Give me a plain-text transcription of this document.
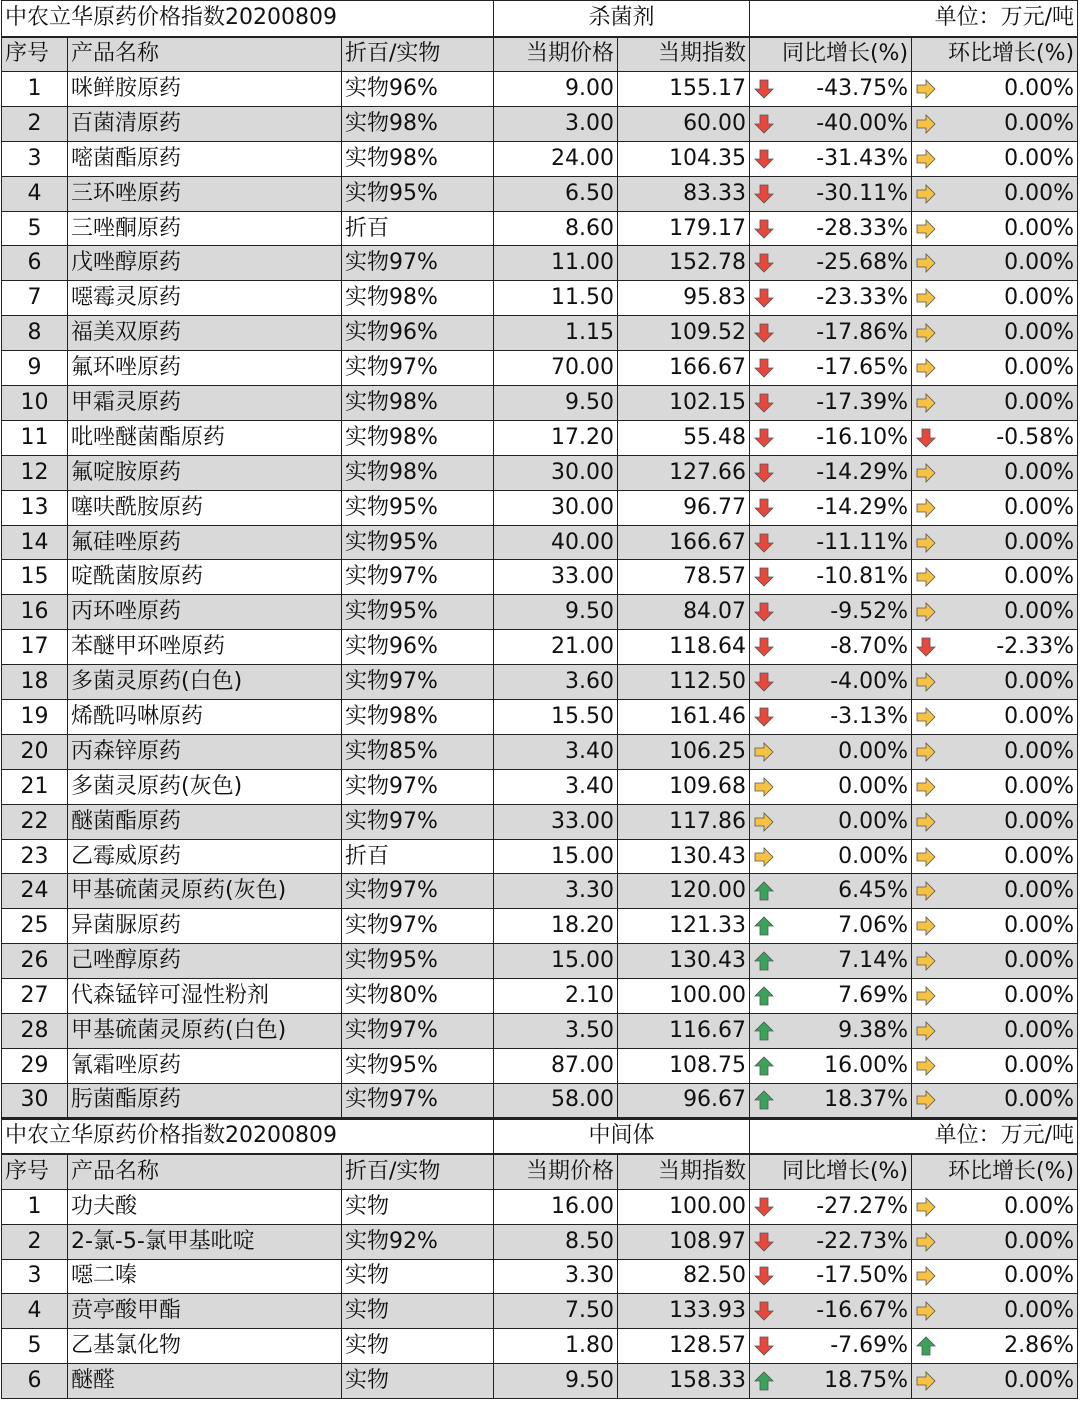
中农立华原药价格指数20200809			杀菌剂		单位：万元/吨	
序号	产品名称	折百/实物	当期价格	当期指数	同比增长(%)	环比增长(%)
1	咪鲜胺原药	实物96%	9.00	155.17	-43.75%	0.00%
2	百菌清原药	实物98%	3.00	60.00	-40.00%	0.00%
3	嘧菌酯原药	实物98%	24.00	104.35	-31.43%	0.00%
4	三环唑原药	实物95%	6.50	83.33	-30.11%	0.00%
5	三唑酮原药	折百	8.60	179.17	-28.33%	0.00%
6	戊唑醇原药	实物97%	11.00	152.78	-25.68%	0.00%
7	噁霉灵原药	实物98%	11.50	95.83	-23.33%	0.00%
8	福美双原药	实物96%	1.15	109.52	-17.86%	0.00%
9	氟环唑原药	实物97%	70.00	166.67	-17.65%	0.00%
10	甲霜灵原药	实物98%	9.50	102.15	-17.39%	0.00%
11	吡唑醚菌酯原药	实物98%	17.20	55.48	-16.10%	-0.58%
12	氟啶胺原药	实物98%	30.00	127.66	-14.29%	0.00%
13	噻呋酰胺原药	实物95%	30.00	96.77	-14.29%	0.00%
14	氟硅唑原药	实物95%	40.00	166.67	-11.11%	0.00%
15	啶酰菌胺原药	实物97%	33.00	78.57	-10.81%	0.00%
16	丙环唑原药	实物95%	9.50	84.07	-9.52%	0.00%
17	苯醚甲环唑原药	实物96%	21.00	118.64	-8.70%	-2.33%
18	多菌灵原药(白色)	实物97%	3.60	112.50	-4.00%	0.00%
19	烯酰吗啉原药	实物98%	15.50	161.46	-3.13%	0.00%
20	丙森锌原药	实物85%	3.40	106.25	0.00%	0.00%
21	多菌灵原药(灰色)	实物97%	3.40	109.68	0.00%	0.00%
22	醚菌酯原药	实物97%	33.00	117.86	0.00%	0.00%
23	乙霉威原药	折百	15.00	130.43	0.00%	0.00%
24	甲基硫菌灵原药(灰色)	实物97%	3.30	120.00	6.45%	0.00%
25	异菌脲原药	实物97%	18.20	121.33	7.06%	0.00%
26	己唑醇原药	实物95%	15.00	130.43	7.14%	0.00%
27	代森锰锌可湿性粉剂	实物80%	2.10	100.00	7.69%	0.00%
28	甲基硫菌灵原药(白色)	实物97%	3.50	116.67	9.38%	0.00%
29	氰霜唑原药	实物95%	87.00	108.75	16.00%	0.00%
30	肟菌酯原药	实物97%	58.00	96.67	18.37%	0.00%
中农立华原药价格指数20200809			中间体		单位：万元/吨	
序号	产品名称	折百/实物	当期价格	当期指数	同比增长(%)	环比增长(%)
1	功夫酸	实物	16.00	100.00	-27.27%	0.00%
2	2-氯-5-氯甲基吡啶	实物92%	8.50	108.97	-22.73%	0.00%
3	噁二嗪	实物	3.30	82.50	-17.50%	0.00%
4	贲亭酸甲酯	实物	7.50	133.93	-16.67%	0.00%
5	乙基氯化物	实物	1.80	128.57	-7.69%	2.86%
6	醚醛	实物	9.50	158.33	18.75%	0.00%
